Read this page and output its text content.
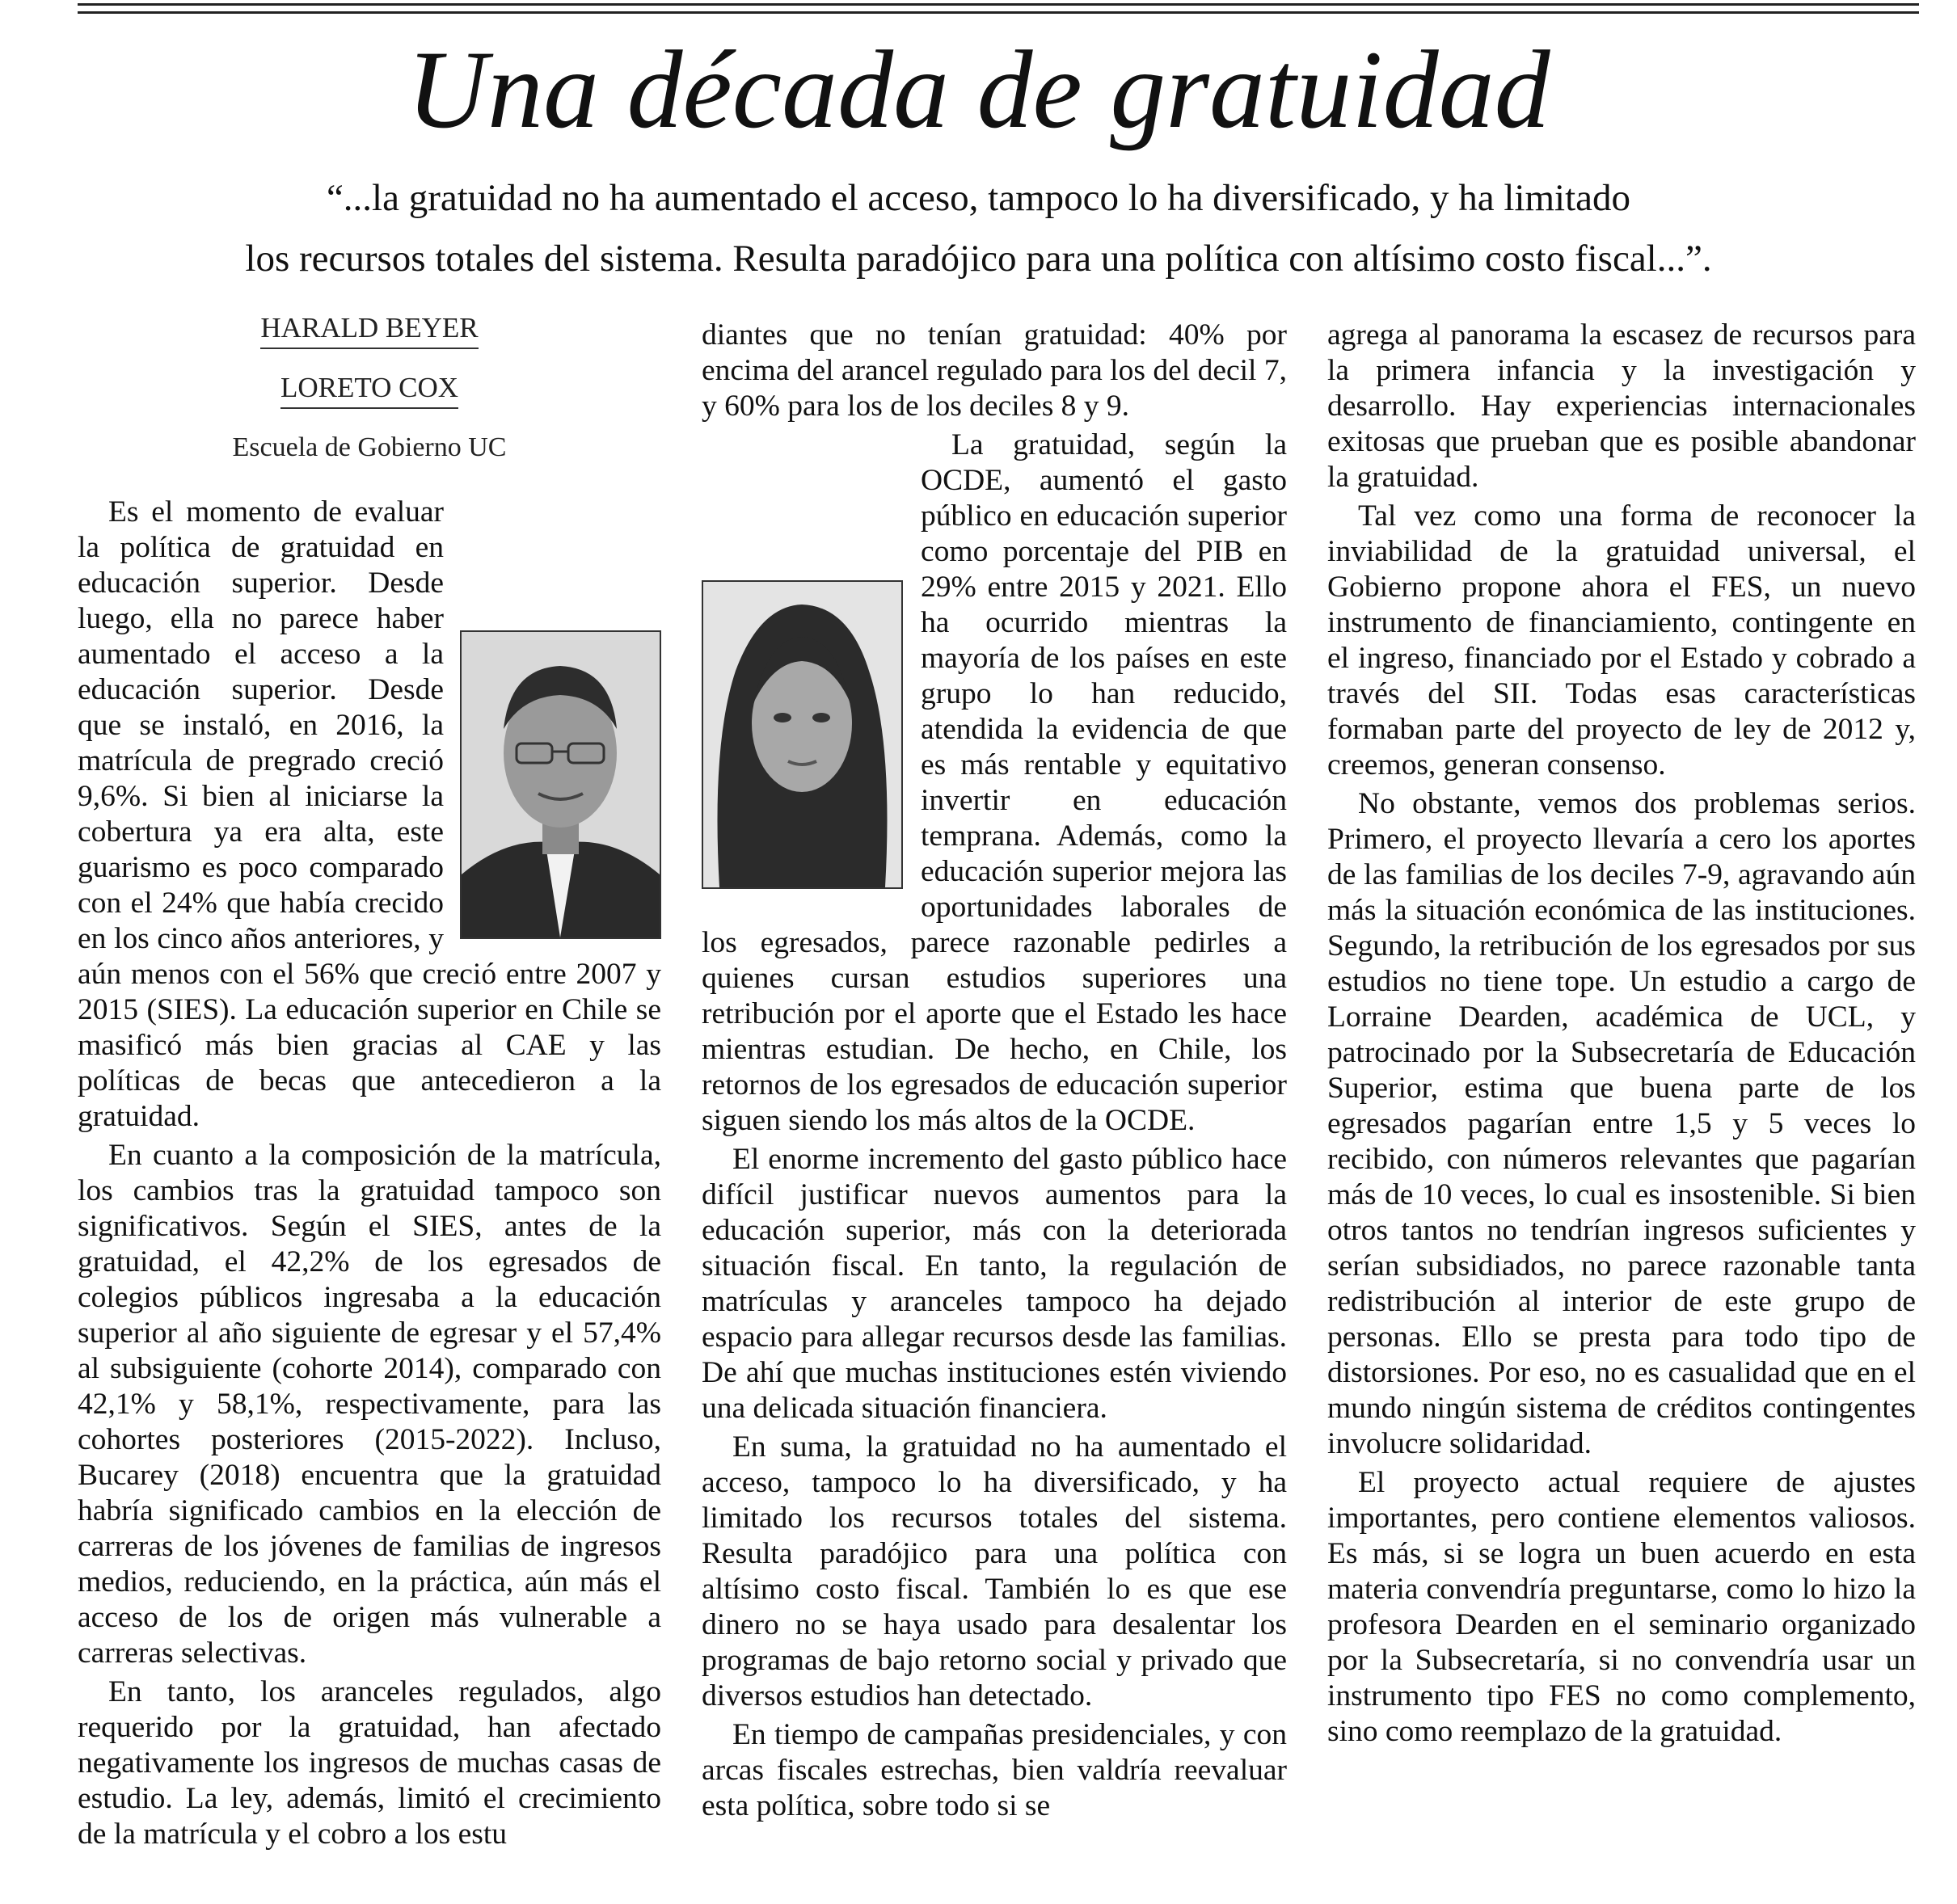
Una década de gratuidad
“...la gratuidad no ha aumentado el acceso, tampoco lo ha diversificado, y ha limitado
los recursos totales del sistema. Resulta paradójico para una política con altísimo costo fiscal...”.
HARALD BEYER
LORETO COX
Escuela de Gobierno UC

Es el momento de evaluar la política de gratuidad en educación superior. Desde luego, ella no parece haber aumentado el acceso a la educación superior. Desde que se instaló, en 2016, la matrícula de pregrado creció 9,6%. Si bien al iniciarse la cobertura ya era alta, este guarismo es poco comparado con el 24% que había crecido en los cinco años anteriores, y aún menos con el 56% que creció entre 2007 y 2015 (SIES). La educación superior en Chile se masificó más bien gracias al CAE y las políticas de becas que antecedieron a la gratuidad.

En cuanto a la composición de la matrícula, los cambios tras la gratuidad tampoco son significativos. Según el SIES, antes de la gratuidad, el 42,2% de los egresados de colegios públicos ingresaba a la educación superior al año siguiente de egresar y el 57,4% al subsiguiente (cohorte 2014), comparado con 42,1% y 58,1%, respectivamente, para las cohortes posteriores (2015-2022). Incluso, Bucarey (2018) encuentra que la gratuidad habría significado cambios en la elección de carreras de los jóvenes de familias de ingresos medios, reduciendo, en la práctica, aún más el acceso de los de origen más vulnerable a carreras selectivas.

En tanto, los aranceles regulados, algo requerido por la gratuidad, han afectado negativamente los ingresos de muchas casas de estudio. La ley, además, limitó el crecimiento de la matrícula y el cobro a los estu

diantes que no tenían gratuidad: 40% por encima del arancel regulado para los del decil 7, y 60% para los de los deciles 8 y 9.

La gratuidad, según la OCDE, aumentó el gasto público en educación superior como porcentaje del PIB en 29% entre 2015 y 2021. Ello ha ocurrido mientras la mayoría de los países en este grupo lo han reducido, atendida la evidencia de que es más rentable y equitativo invertir en educación temprana. Además, como la educación superior mejora las oportunidades laborales de los egresados, parece razonable pedirles a quienes cursan estudios superiores una retribución por el aporte que el Estado les hace mientras estudian. De hecho, en Chile, los retornos de los egresados de educación superior siguen siendo los más altos de la OCDE.

El enorme incremento del gasto público hace difícil justificar nuevos aumentos para la educación superior, más con la deteriorada situación fiscal. En tanto, la regulación de matrículas y aranceles tampoco ha dejado espacio para allegar recursos desde las familias. De ahí que muchas instituciones estén viviendo una delicada situación financiera.

En suma, la gratuidad no ha aumentado el acceso, tampoco lo ha diversificado, y ha limitado los recursos totales del sistema. Resulta paradójico para una política con altísimo costo fiscal. También lo es que ese dinero no se haya usado para desalentar los programas de bajo retorno social y privado que diversos estudios han detectado.

En tiempo de campañas presidenciales, y con arcas fiscales estrechas, bien valdría reevaluar esta política, sobre todo si se

agrega al panorama la escasez de recursos para la primera infancia y la investigación y desarrollo. Hay experiencias internacionales exitosas que prueban que es posible abandonar la gratuidad.

Tal vez como una forma de reconocer la inviabilidad de la gratuidad universal, el Gobierno propone ahora el FES, un nuevo instrumento de financiamiento, contingente en el ingreso, financiado por el Estado y cobrado a través del SII. Todas esas características formaban parte del proyecto de ley de 2012 y, creemos, generan consenso.

No obstante, vemos dos problemas serios. Primero, el proyecto llevaría a cero los aportes de las familias de los deciles 7-9, agravando aún más la situación económica de las instituciones. Segundo, la retribución de los egresados por sus estudios no tiene tope. Un estudio a cargo de Lorraine Dearden, académica de UCL, y patrocinado por la Subsecretaría de Educación Superior, estima que buena parte de los egresados pagarían entre 1,5 y 5 veces lo recibido, con números relevantes que pagarían más de 10 veces, lo cual es insostenible. Si bien otros tantos no tendrían ingresos suficientes y serían subsidiados, no parece razonable tanta redistribución al interior de este grupo de personas. Ello se presta para todo tipo de distorsiones. Por eso, no es casualidad que en el mundo ningún sistema de créditos contingentes involucre solidaridad.

El proyecto actual requiere de ajustes importantes, pero contiene elementos valiosos. Es más, si se logra un buen acuerdo en esta materia convendría preguntarse, como lo hizo la profesora Dearden en el seminario organizado por la Subsecretaría, si no convendría usar un instrumento tipo FES no como complemento, sino como reemplazo de la gratuidad.
